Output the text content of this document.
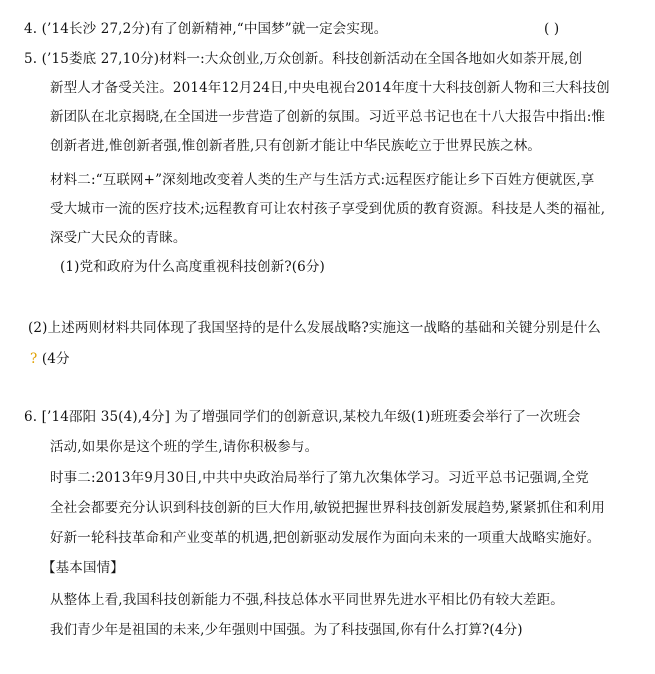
4. (’14长沙 27,2分)有了创新精神,“中国梦”就一定会实现。	( )
5. (’15娄底 27,10分)材料一:大众创业,万众创新。科技创新活动在全国各地如火如荼开展,创
新型人才备受关注。2014年12月24日,中央电视台2014年度十大科技创新人物和三大科技创
新团队在北京揭晓,在全国进一步营造了创新的氛围。习近平总书记也在十八大报告中指出:惟
创新者进,惟创新者强,惟创新者胜,只有创新才能让中华民族屹立于世界民族之林。
材料二:“互联网+”深刻地改变着人类的生产与生活方式:远程医疗能让乡下百姓方便就医,享
受大城市一流的医疗技术;远程教育可让农村孩子享受到优质的教育资源。科技是人类的福祉,
深受广大民众的青睐。
(1)党和政府为什么高度重视科技创新?(6分)
(2)上述两则材料共同体现了我国坚持的是什么发展战略?实施这一战略的基础和关键分别是什么
? (4分
6. [’14邵阳 35(4),4分] 为了增强同学们的创新意识,某校九年级(1)班班委会举行了一次班会
活动,如果你是这个班的学生,请你积极参与。
时事二:2013年9月30日,中共中央政治局举行了第九次集体学习。习近平总书记强调,全党
全社会都要充分认识到科技创新的巨大作用,敏锐把握世界科技创新发展趋势,紧紧抓住和利用
好新一轮科技革命和产业变革的机遇,把创新驱动发展作为面向未来的一项重大战略实施好。
【基本国情】
从整体上看,我国科技创新能力不强,科技总体水平同世界先进水平相比仍有较大差距。
我们青少年是祖国的未来,少年强则中国强。为了科技强国,你有什么打算?(4分)
